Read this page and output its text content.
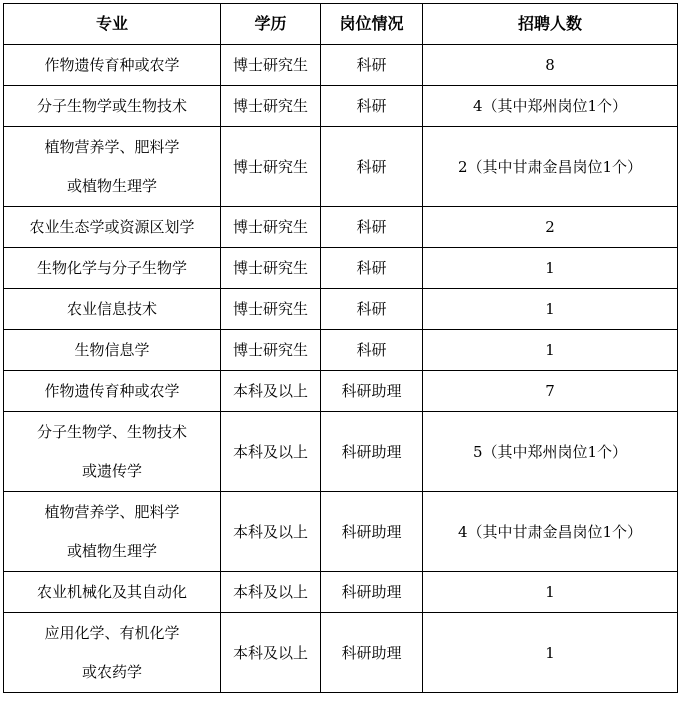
专业	学历	岗位情况	招聘人数

作物遗传育种或农学	博士研究生	科研	8

分子生物学或生物技术	博士研究生	科研	4（其中郑州岗位1个）

植物营养学、肥料学
或植物生理学	博士研究生	科研	2（其中甘肃金昌岗位1个）

农业生态学或资源区划学	博士研究生	科研	2

生物化学与分子生物学	博士研究生	科研	1

农业信息技术	博士研究生	科研	1

生物信息学	博士研究生	科研	1

作物遗传育种或农学	本科及以上	科研助理	7

分子生物学、生物技术
或遗传学	本科及以上	科研助理	5（其中郑州岗位1个）

植物营养学、肥料学
或植物生理学	本科及以上	科研助理	4（其中甘肃金昌岗位1个）

农业机械化及其自动化	本科及以上	科研助理	1

应用化学、有机化学
或农药学	本科及以上	科研助理	1
